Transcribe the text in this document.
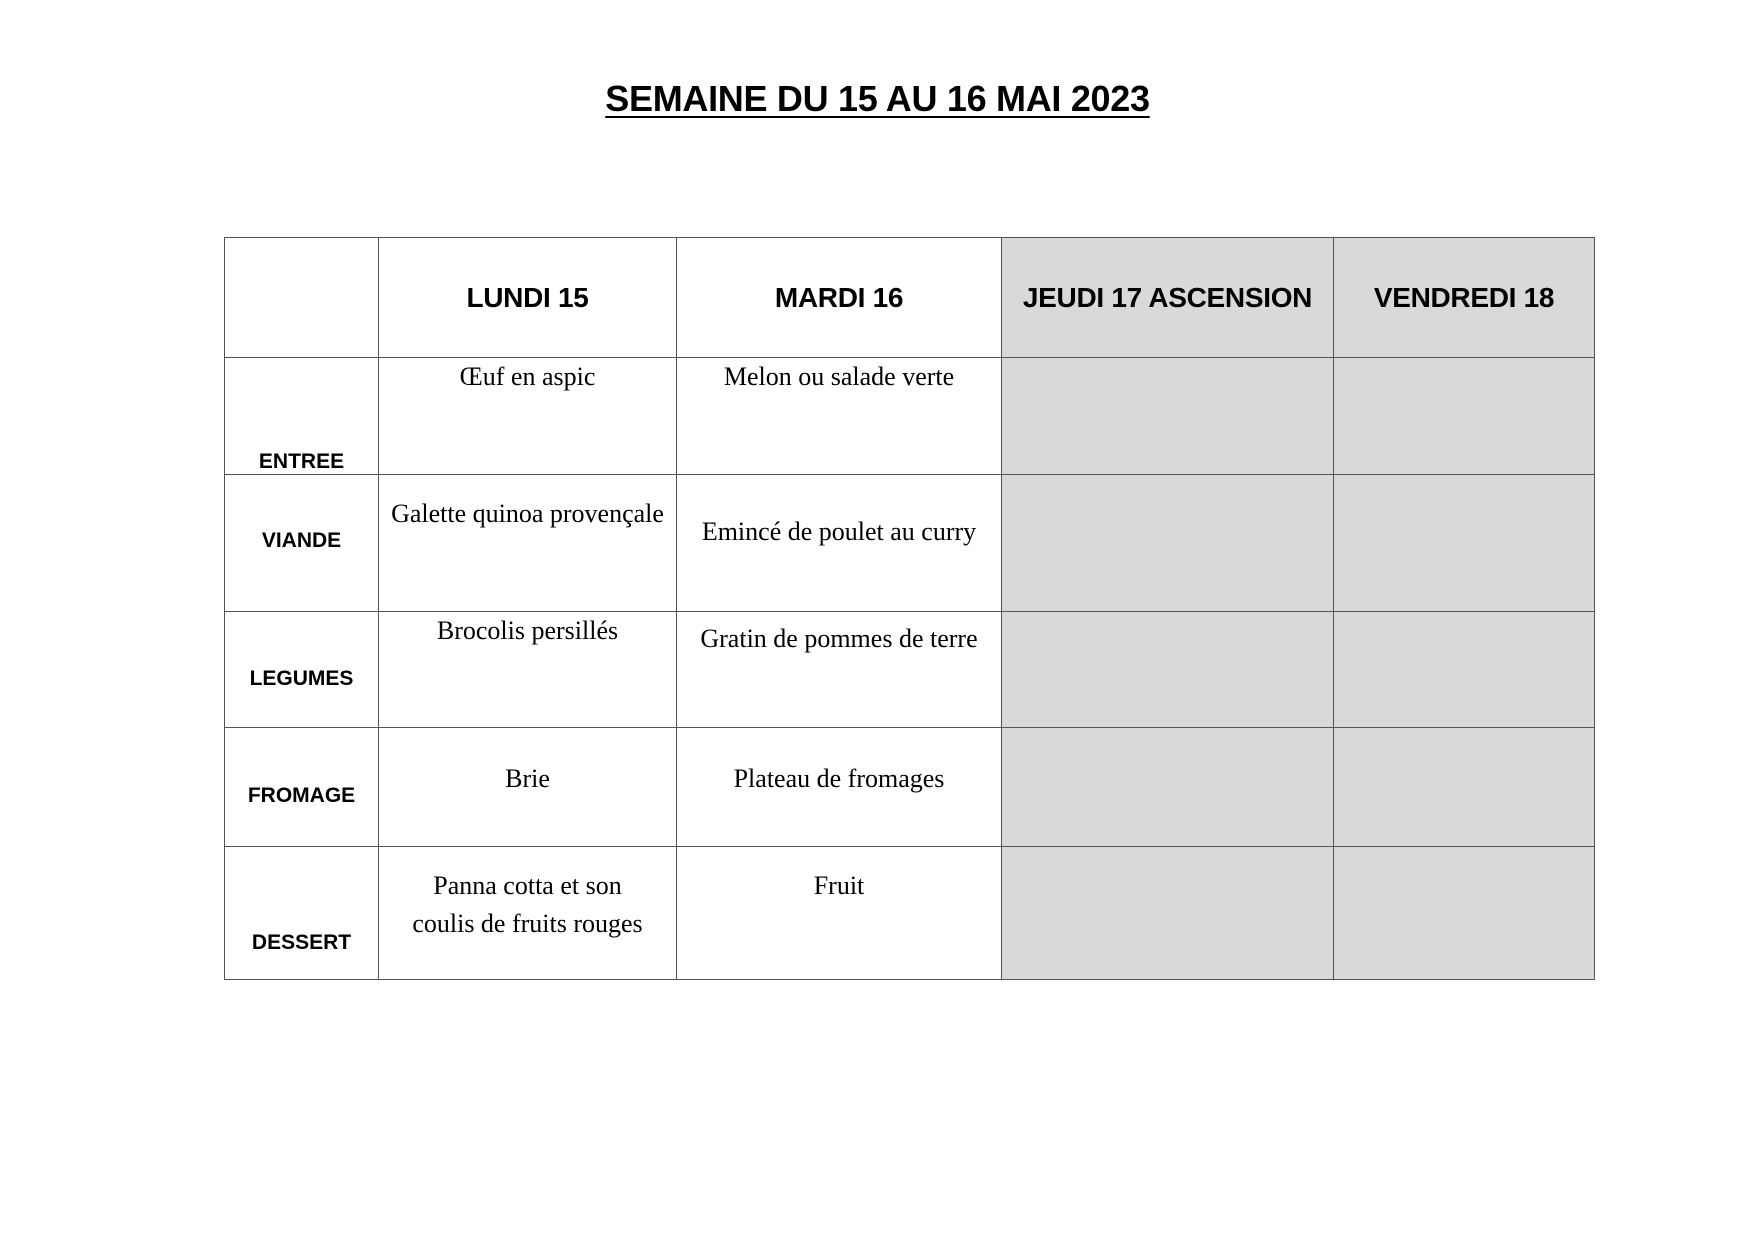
SEMAINE DU 15 AU 16 MAI 2023
	LUNDI 15	MARDI 16	JEUDI 17 ASCENSION	VENDREDI 18
ENTREE	Œuf en aspic	Melon ou salade verte		
VIANDE	Galette quinoa provençale	Emincé de poulet au curry		
LEGUMES	Brocolis persillés	Gratin de pommes de terre		
FROMAGE	Brie	Plateau de fromages		
DESSERT	Panna cotta et son coulis de fruits rouges	Fruit		
